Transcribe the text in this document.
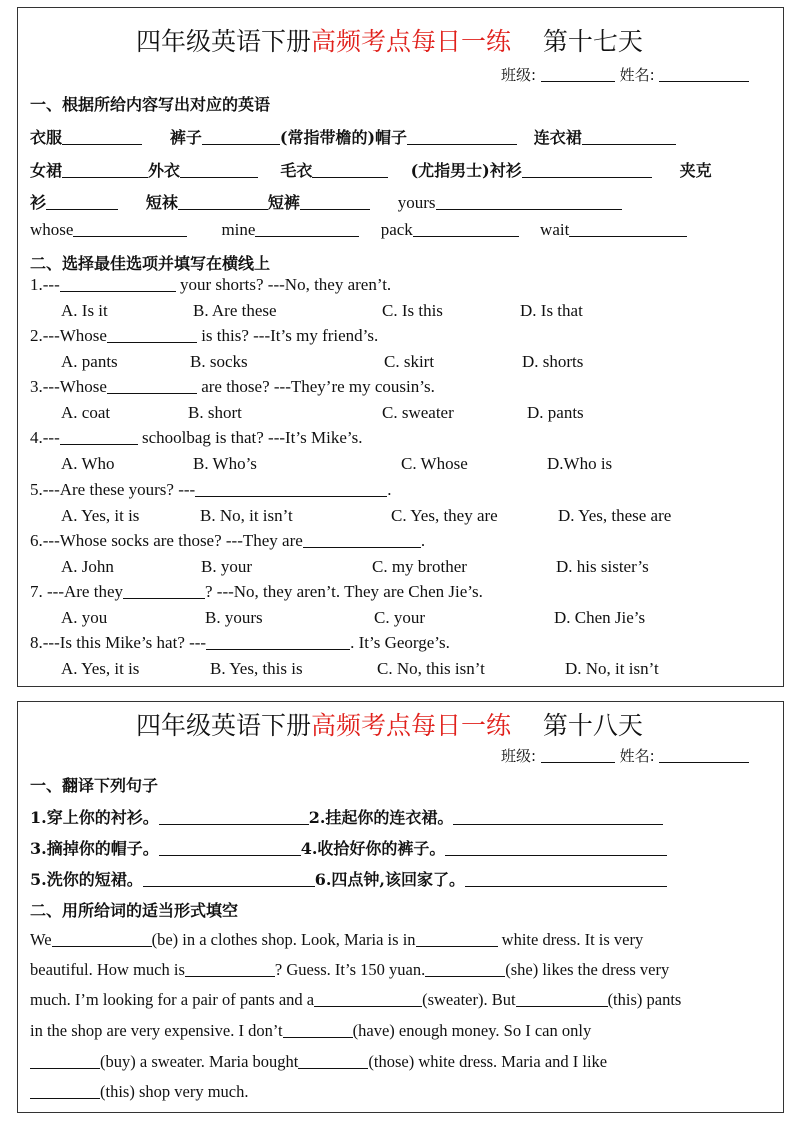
四年级英语下册高频考点每日一练 第十七天
班级:	姓名:
一、根据所给内容写出对应的英语
衣服	裤子	(常指带檐的)帽子	连衣裙
女裙	外衣	毛衣	(尤指男士)衬衫	夹克
衫	短袜	短裤	yours
whose	mine	pack	wait
二、选择最佳选项并填写在横线上
1.---	your shorts? ---No, they aren’t.
A. Is it	B. Are these	C. Is this	D. Is that
2.---Whose	is this? ---It’s my friend’s.
A. pants	B. socks	C. skirt	D. shorts
3.---Whose	are those? ---They’re my cousin’s.
A. coat	B. short	C. sweater	D. pants
4.---	schoolbag is that? ---It’s Mike’s.
A. Who	B. Who’s	C. Whose	D.Who is
5.---Are these yours? ---	.
A. Yes, it is	B. No, it isn’t	C. Yes, they are	D. Yes, these are
6.---Whose socks are those? ---They are	.
A. John	B. your	C. my brother	D. his sister’s
7. ---Are they	? ---No, they aren’t. They are Chen Jie’s.
A. you	B. yours	C. your	D. Chen Jie’s
8.---Is this Mike’s hat? ---	. It’s George’s.
A. Yes, it is	B. Yes, this is	C. No, this isn’t	D. No, it isn’t
四年级英语下册高频考点每日一练 第十八天
班级:	姓名:
一、翻译下列句子
1.穿上你的衬衫。	2.挂起你的连衣裙。
3.摘掉你的帽子。	4.收拾好你的裤子。
5.洗你的短裙。	6.四点钟,该回家了。
二、用所给词的适当形式填空
We	(be) in a clothes shop. Look, Maria is in	white dress. It is very
beautiful. How much is	? Guess. It’s 150 yuan.	(she) likes the dress very
much. I’m looking for a pair of pants and a	(sweater). But	(this) pants
in the shop are very expensive. I don’t	(have) enough money. So I can only
(buy) a sweater. Maria bought	(those) white dress. Maria and I like
(this) shop very much.
